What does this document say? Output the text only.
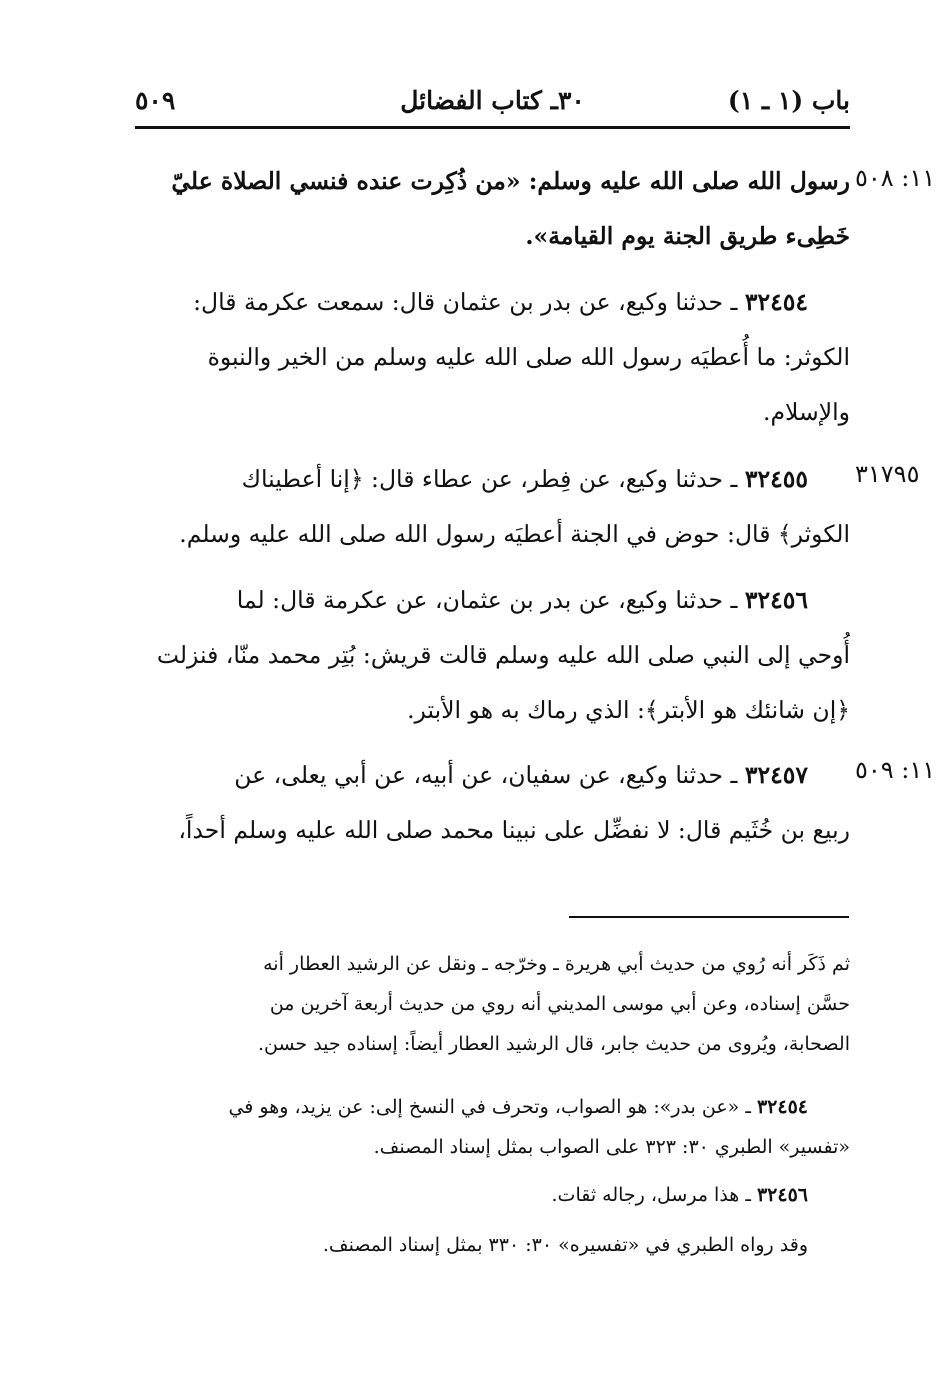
باب (١ ـ ١)
٣٠ـ كتاب الفضائل
٥٠٩
١١: ٥٠٨
٣١٧٩٥
١١: ٥٠٩
رسول الله صلى الله عليه وسلم: «من ذُكِرت عنده فنسي الصلاة عليّ
خَطِىء طريق الجنة يوم القيامة».
٣٢٤٥٤ ـ حدثنا وكيع، عن بدر بن عثمان قال: سمعت عكرمة قال:
الكوثر: ما أُعطيَه رسول الله صلى الله عليه وسلم من الخير والنبوة
والإسلام.
٣٢٤٥٥ ـ حدثنا وكيع، عن فِطر، عن عطاء قال: ﴿إنا أعطيناك
الكوثر﴾ قال: حوض في الجنة أعطيَه رسول الله صلى الله عليه وسلم.
٣٢٤٥٦ ـ حدثنا وكيع، عن بدر بن عثمان، عن عكرمة قال: لما
أُوحي إلى النبي صلى الله عليه وسلم قالت قريش: بُتِر محمد منّا، فنزلت
﴿إن شانئك هو الأبتر﴾: الذي رماك به هو الأبتر.
٣٢٤٥٧ ـ حدثنا وكيع، عن سفيان، عن أبيه، عن أبي يعلى، عن
ربيع بن خُثَيم قال: لا نفضِّل على نبينا محمد صلى الله عليه وسلم أحداً،
ثم ذَكَر أنه رُوي من حديث أبي هريرة ـ وخرّجه ـ ونقل عن الرشيد العطار أنه
حسَّن إسناده، وعن أبي موسى المديني أنه روي من حديث أربعة آخرين من
الصحابة، ويُروى من حديث جابر، قال الرشيد العطار أيضاً: إسناده جيد حسن.
٣٢٤٥٤ ـ «عن بدر»: هو الصواب، وتحرف في النسخ إلى: عن يزيد، وهو في
«تفسير» الطبري ٣٠: ٣٢٣ على الصواب بمثل إسناد المصنف.
٣٢٤٥٦ ـ هذا مرسل، رجاله ثقات.
وقد رواه الطبري في «تفسيره» ٣٠: ٣٣٠ بمثل إسناد المصنف.
